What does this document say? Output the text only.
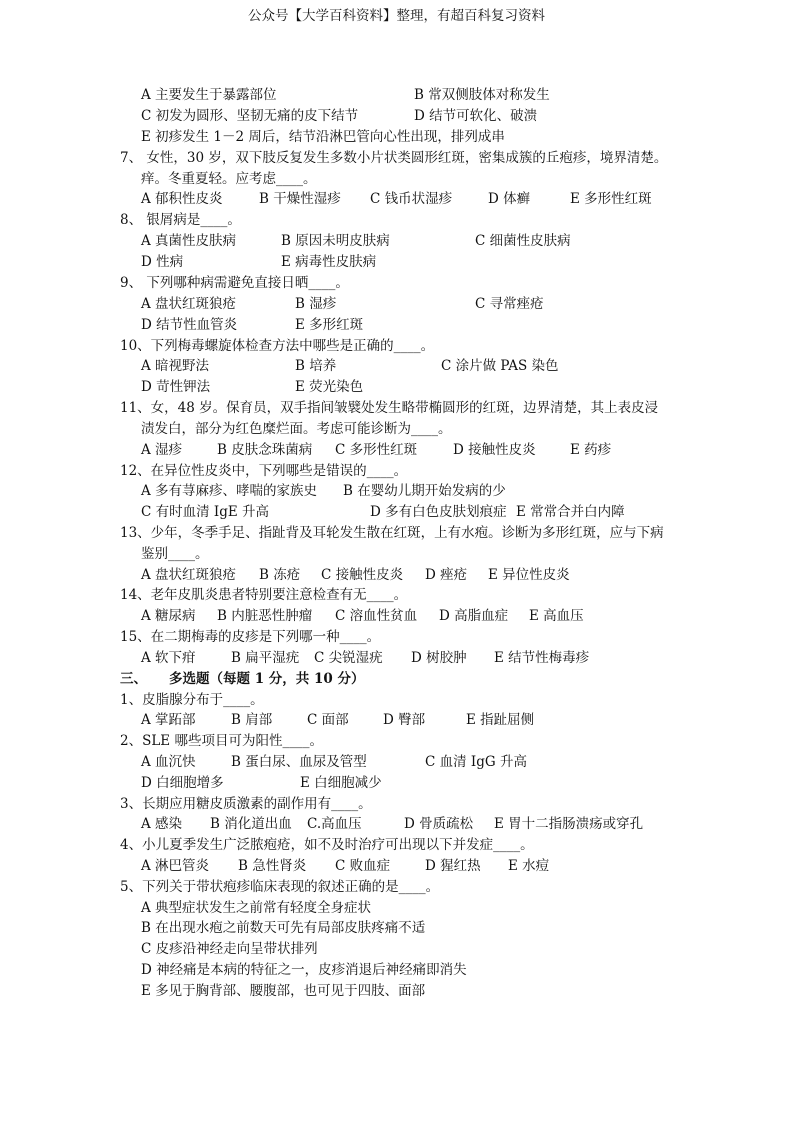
公众号【大学百科资料】整理，有超百科复习资料
A 主要发生于暴露部位	B 常双侧肢体对称发生
C 初发为圆形、坚韧无痛的皮下结节	D 结节可软化、破溃
E 初疹发生 1－2 周后，结节沿淋巴管向心性出现，排列成串
7、 女性，30 岁，双下肢反复发生多数小片状类圆形红斑，密集成簇的丘疱疹，境界清楚。
痒。冬重夏轻。应考虑____。
A 郁积性皮炎	B 干燥性湿疹 C 钱币状湿疹	D 体癣	E 多形性红斑
8、 银屑病是____。
A 真菌性皮肤病	B 原因未明皮肤病	C 细菌性皮肤病
D 性病	E 病毒性皮肤病
9、 下列哪种病需避免直接日晒____。
A 盘状红斑狼疮	B 湿疹	C 寻常痤疮
D 结节性血管炎	E 多形红斑
10、下列梅毒螺旋体检查方法中哪些是正确的____。
A 暗视野法	B 培养	C 涂片做 PAS 染色
D 苛性钾法	E 荧光染色
11、女，48 岁。保育员，双手指间皱襞处发生略带椭圆形的红斑，边界清楚，其上表皮浸
渍发白，部分为红色糜烂面。考虑可能诊断为____。
A 湿疹	B 皮肤念珠菌病 C 多形性红斑	D 接触性皮炎	E 药疹
12、在异位性皮炎中，下列哪些是错误的____。
A 多有荨麻疹、哮喘的家族史 B 在婴幼儿期开始发病的少
C 有时血清 IgE 升高	D 多有白色皮肤划痕症 E 常常合并白内障
13、少年，冬季手足、指趾背及耳轮发生散在红斑，上有水疱。诊断为多形红斑，应与下病
鉴别____。
A 盘状红斑狼疮 B 冻疮 C 接触性皮炎 D 痤疮 E 异位性皮炎
14、老年皮肌炎患者特别要注意检查有无____。
A 糖尿病 B 内脏恶性肿瘤 C 溶血性贫血 D 高脂血症 E 高血压
15、在二期梅毒的皮疹是下列哪一种____。
A 软下疳	B 扁平湿疣 C 尖锐湿疣 D 树胶肿 E 结节性梅毒疹
三、 多选题（每题 1 分，共 10 分）
1、皮脂腺分布于____。
A 掌跖部	B 肩部	C 面部	D 臀部	E 指趾屈侧
2、SLE 哪些项目可为阳性____。
A 血沉快	B 蛋白尿、血尿及管型	C 血清 IgG 升高
D 白细胞增多	E 白细胞减少
3、长期应用糖皮质激素的副作用有____。
A 感染 B 消化道出血 C.高血压	D 骨质疏松 E 胃十二指肠溃疡或穿孔
4、小儿夏季发生广泛脓疱疮，如不及时治疗可出现以下并发症____。
A 淋巴管炎 B 急性肾炎 C 败血症	D 猩红热 E 水痘
5、下列关于带状疱疹临床表现的叙述正确的是____。
A 典型症状发生之前常有轻度全身症状
B 在出现水疱之前数天可先有局部皮肤疼痛不适
C 皮疹沿神经走向呈带状排列
D 神经痛是本病的特征之一，皮疹消退后神经痛即消失
E 多见于胸背部、腰腹部，也可见于四肢、面部
